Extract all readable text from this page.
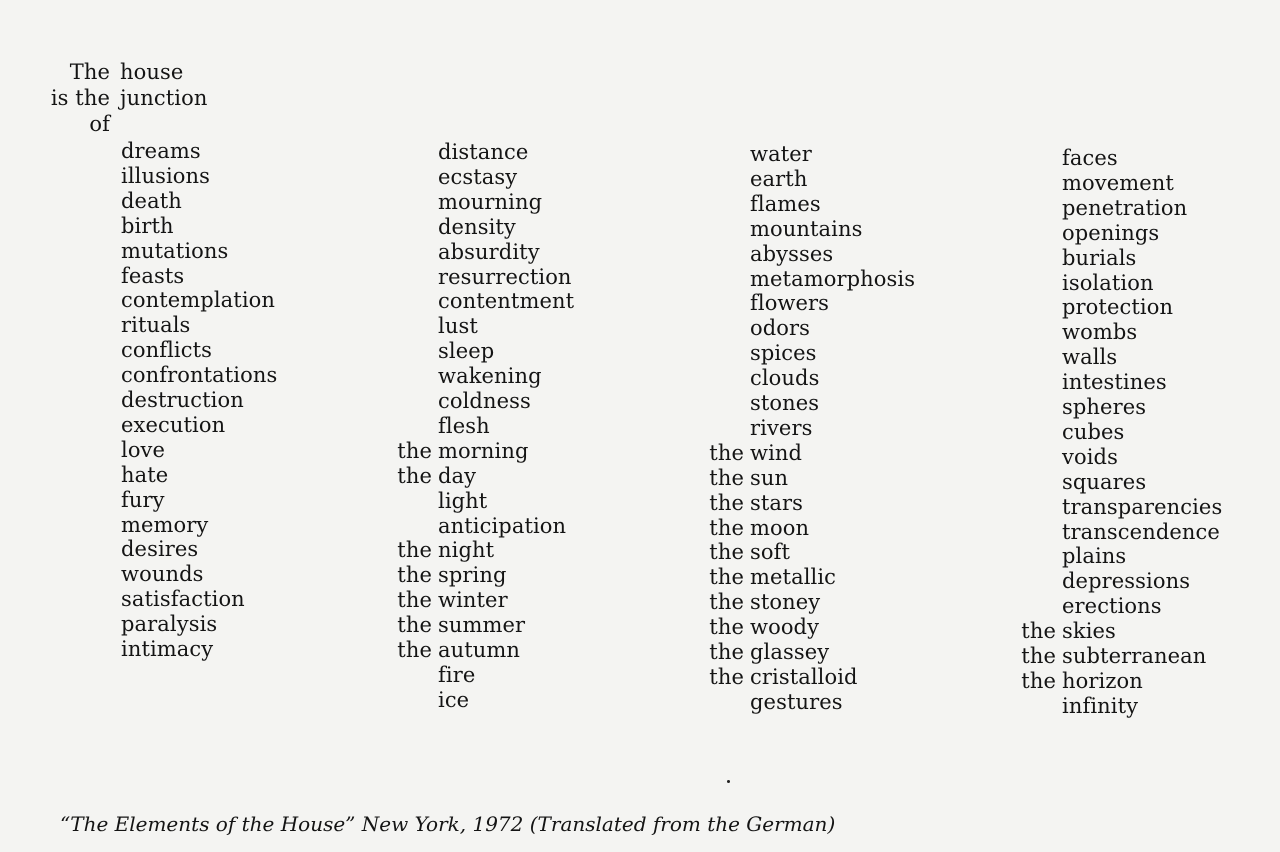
The house
is the junction
of
dreams
illusions
death
birth
mutations
feasts
contemplation
rituals
conflicts
confrontations
destruction
execution
love
hate
fury
memory
desires
wounds
satisfaction
paralysis
intimacy
distance
ecstasy
mourning
density
absurdity
resurrection
contentment
lust
sleep
wakening
coldness
flesh
the morning
the day
light
anticipation
the night
the spring
the winter
the summer
the autumn
fire
ice
water
earth
flames
mountains
abysses
metamorphosis
flowers
odors
spices
clouds
stones
rivers
the wind
the sun
the stars
the moon
the soft
the metallic
the stoney
the woody
the glassey
the cristalloid
gestures
faces
movement
penetration
openings
burials
isolation
protection
wombs
walls
intestines
spheres
cubes
voids
squares
transparencies
transcendence
plains
depressions
erections
the skies
the subterranean
the horizon
infinity
“The Elements of the House” New York, 1972 (Translated from the German)
